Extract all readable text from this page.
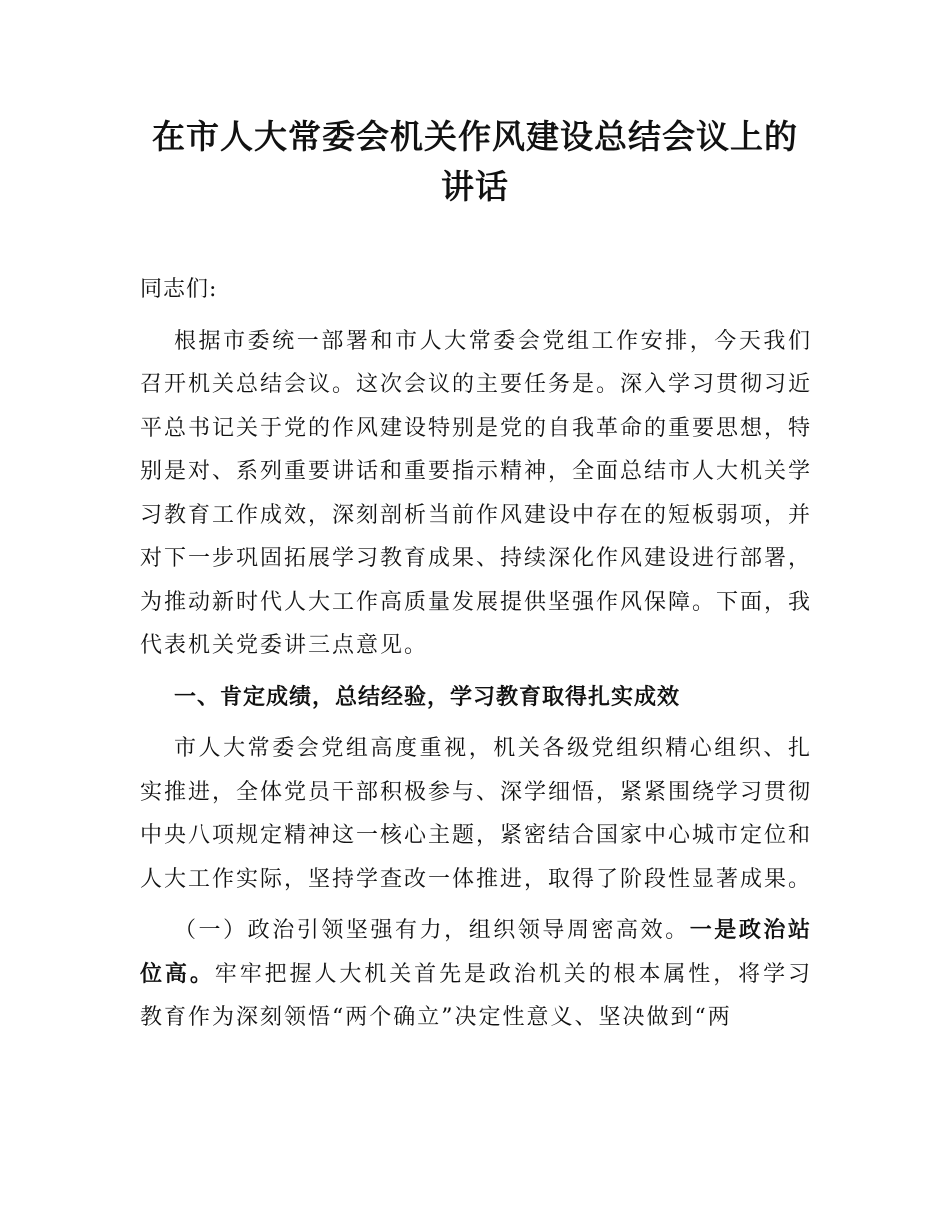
在市人大常委会机关作风建设总结会议上的讲话

同志们:

根据市委统一部署和市人大常委会党组工作安排，今天我们召开机关总结会议。这次会议的主要任务是。深入学习贯彻习近平总书记关于党的作风建设特别是党的自我革命的重要思想，特别是对、系列重要讲话和重要指示精神，全面总结市人大机关学习教育工作成效，深刻剖析当前作风建设中存在的短板弱项，并对下一步巩固拓展学习教育成果、持续深化作风建设进行部署，为推动新时代人大工作高质量发展提供坚强作风保障。下面，我代表机关党委讲三点意见。

一、肯定成绩，总结经验，学习教育取得扎实成效

市人大常委会党组高度重视，机关各级党组织精心组织、扎实推进，全体党员干部积极参与、深学细悟，紧紧围绕学习贯彻中央八项规定精神这一核心主题，紧密结合国家中心城市定位和人大工作实际，坚持学查改一体推进，取得了阶段性显著成果。

（一）政治引领坚强有力，组织领导周密高效。一是政治站位高。牢牢把握人大机关首先是政治机关的根本属性，将学习教育作为深刻领悟“两个确立”决定性意义、坚决做到“两
